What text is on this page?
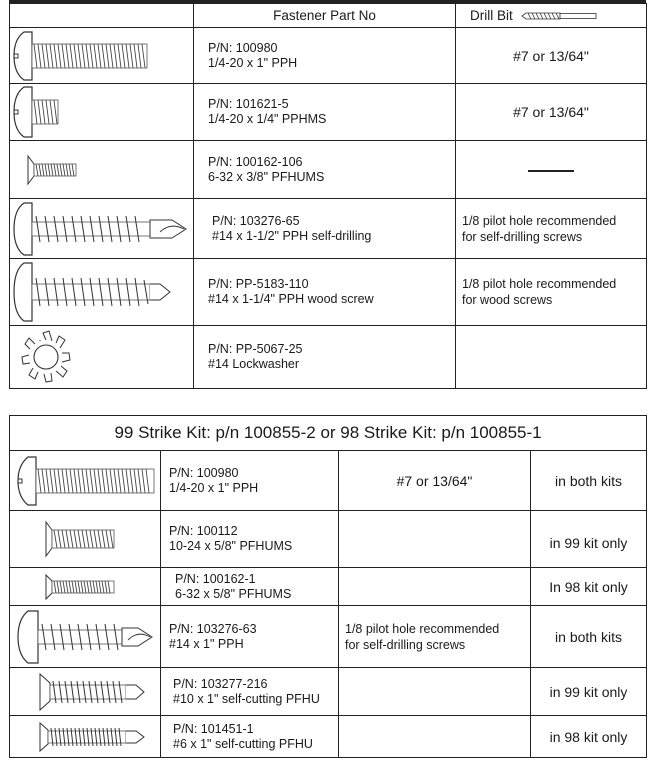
	Fastener Part No	Drill Bit

P/N: 100980
1/4-20 x 1" PPH	#7 or 13/64"

P/N: 101621-5
1/4-20 x 1/4" PPHMS	#7 or 13/64"

P/N: 100162-106
6-32 x 3/8" PFHUMS	

P/N: 103276-65
#14 x 1-1/2" PPH self-drilling	1/8 pilot hole recommended
for self-drilling screws

P/N: PP-5183-110
#14 x 1-1/4" PPH wood screw	1/8 pilot hole recommended
for wood screws

P/N: PP-5067-25
#14 Lockwasher	

99 Strike Kit: p/n 100855-2 or 98 Strike Kit: p/n 100855-1			

P/N: 100980
1/4-20 x 1" PPH	#7 or 13/64"	in both kits

P/N: 100112
10-24 x 5/8" PFHUMS		in 99 kit only

P/N: 100162-1
6-32 x 5/8" PFHUMS		In 98 kit only

P/N: 103276-63
#14 x 1" PPH	1/8 pilot hole recommended
for self-drilling screws	in both kits

P/N: 103277-216
#10 x 1" self-cutting PFHU		in 99 kit only

P/N: 101451-1
#6 x 1" self-cutting PFHU		in 98 kit only
